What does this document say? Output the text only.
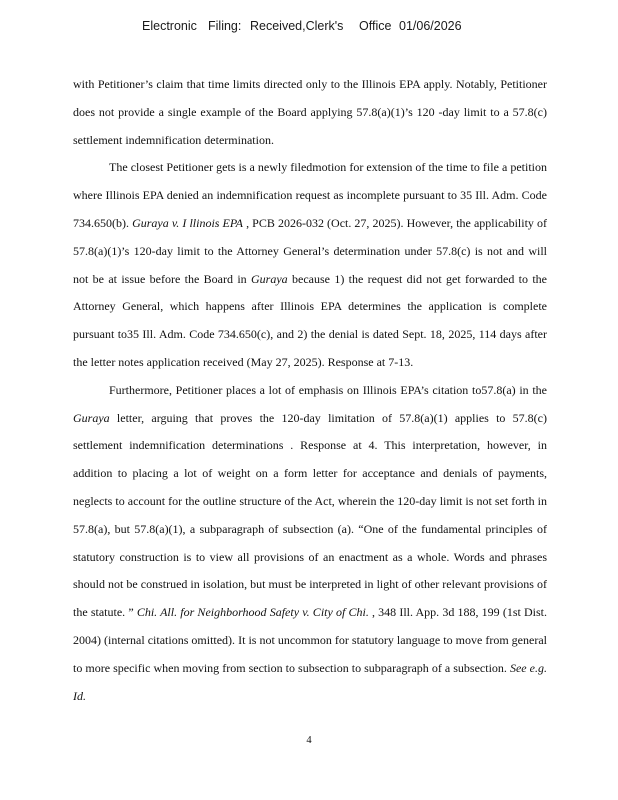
Electronic Filing: Received,Clerk's Office 01/06/2026

with Petitioner’s claim that time limits directed only to the Illinois EPA apply. Notably, Petitioner does not provide a single example of the Board applying 57.8(a)(1)’s 120 -day limit to a 57.8(c) settlement indemnification determination.

The closest Petitioner gets is a newly filedmotion for extension of the time to file a petition where Illinois EPA denied an indemnification request as incomplete pursuant to 35 Ill. Adm. Code 734.650(b). Guraya v. I llinois EPA , PCB 2026-032 (Oct. 27, 2025). However, the applicability of 57.8(a)(1)’s 120-day limit to the Attorney General’s determination under 57.8(c) is not and will not be at issue before the Board in Guraya because 1) the request did not get forwarded to the Attorney General, which happens after Illinois EPA determines the application is complete pursuant to35 Ill. Adm. Code 734.650(c), and 2) the denial is dated Sept. 18, 2025, 114 days after the letter notes application received (May 27, 2025). Response at 7-13.

Furthermore, Petitioner places a lot of emphasis on Illinois EPA’s citation to57.8(a) in the Guraya letter, arguing that proves the 120-day limitation of 57.8(a)(1) applies to 57.8(c) settlement indemnification determinations . Response at 4. This interpretation, however, in addition to placing a lot of weight on a form letter for acceptance and denials of payments, neglects to account for the outline structure of the Act, wherein the 120-day limit is not set forth in 57.8(a), but 57.8(a)(1), a subparagraph of subsection (a). “One of the fundamental principles of statutory construction is to view all provisions of an enactment as a whole. Words and phrases should not be construed in isolation, but must be interpreted in light of other relevant provisions of the statute. ” Chi. All. for Neighborhood Safety v. City of Chi. , 348 Ill. App. 3d 188, 199 (1st Dist. 2004) (internal citations omitted). It is not uncommon for statutory language to move from general to more specific when moving from section to subsection to subparagraph of a subsection. See e.g. Id.

4
